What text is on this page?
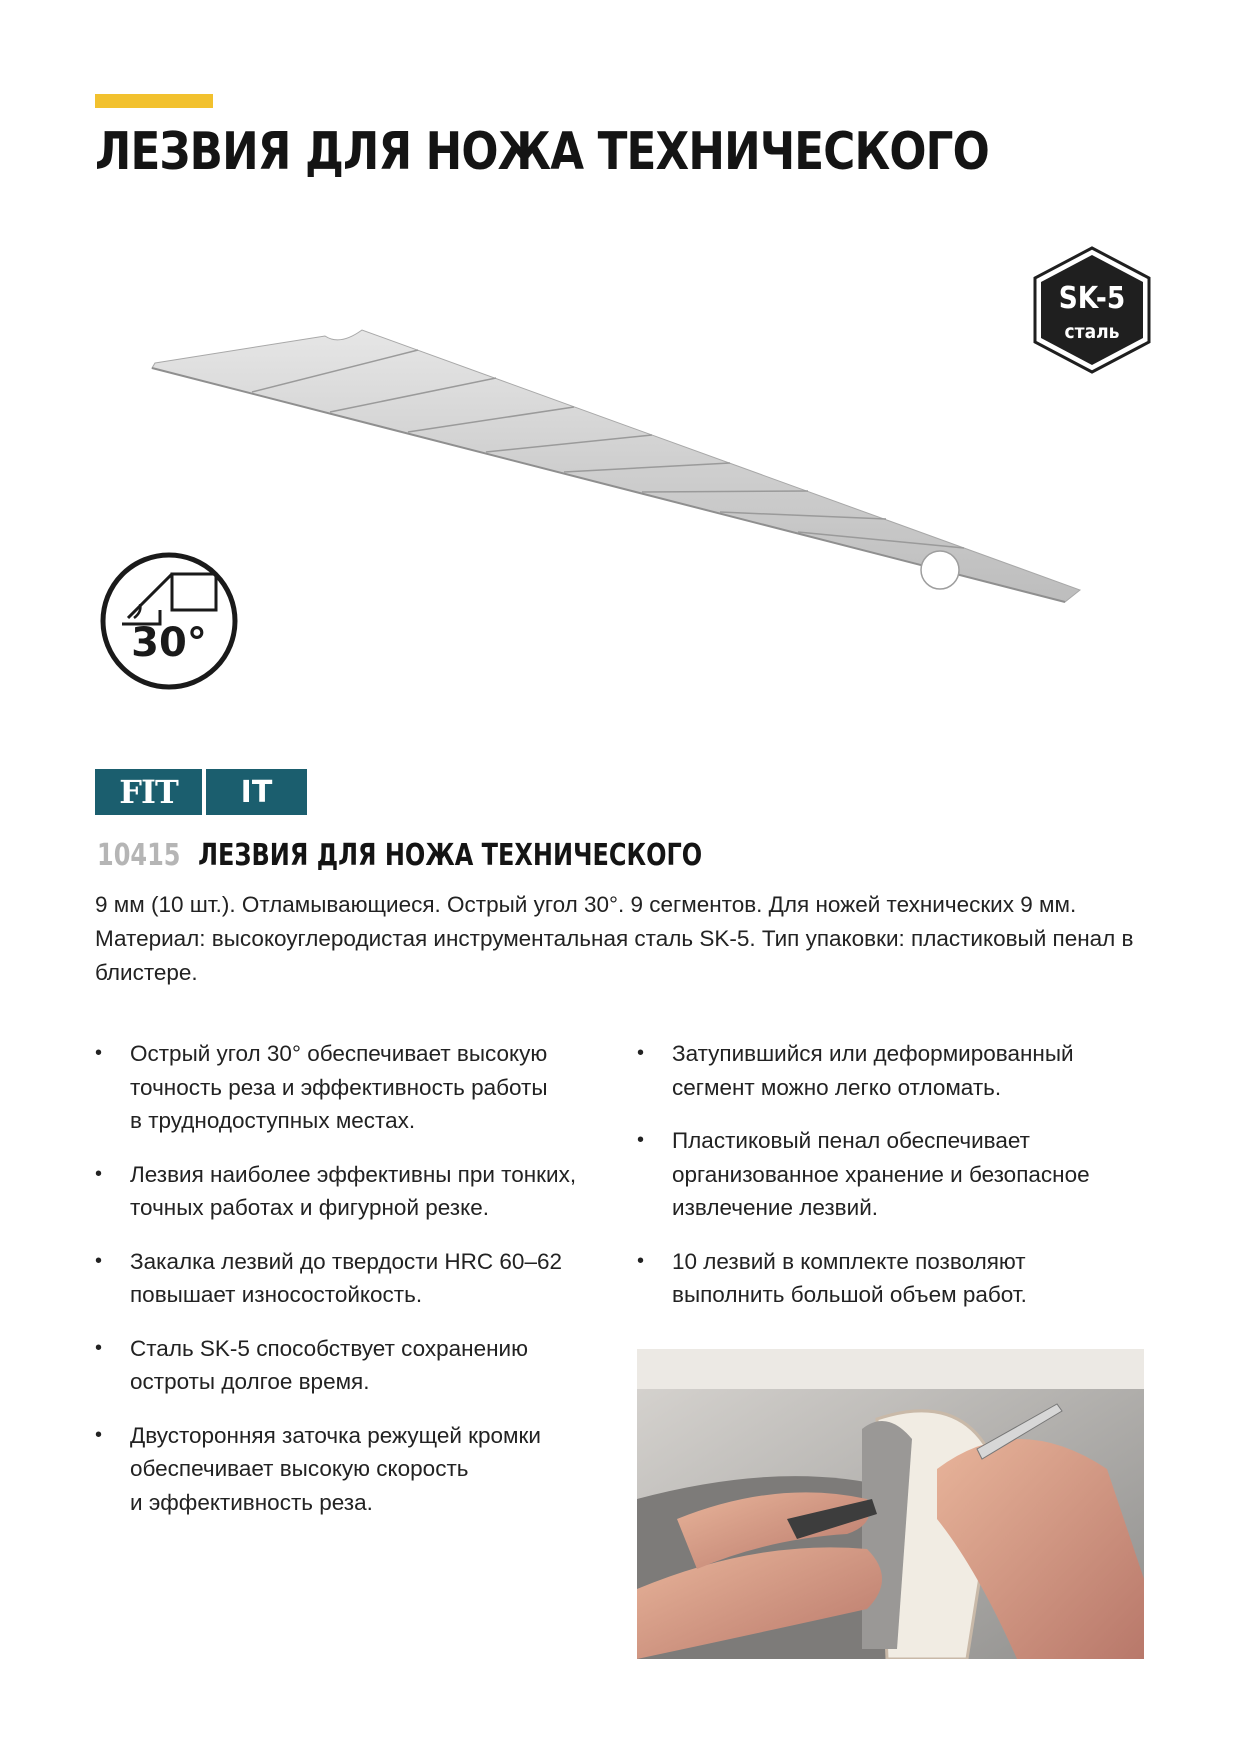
ЛЕЗВИЯ ДЛЯ НОЖА ТЕХНИЧЕСКОГО
SK-5
сталь
30°
FIT	IT
10415 ЛЕЗВИЯ ДЛЯ НОЖА ТЕХНИЧЕСКОГО

9 мм (10 шт.). Отламывающиеся. Острый угол 30°. 9 сегментов. Для ножей технических 9 мм. Материал: высокоуглеродистая инструментальная сталь SK-5. Тип упаковки: пластиковый пенал в блистере.

• Острый угол 30° обеспечивает высокую
точность реза и эффективность работы
в труднодоступных местах.
• Лезвия наиболее эффективны при тонких,
точных работах и фигурной резке.
• Закалка лезвий до твердости HRC 60–62
повышает износостойкость.
• Сталь SK-5 способствует сохранению
остроты долгое время.
• Двусторонняя заточка режущей кромки
обеспечивает высокую скорость
и эффективность реза.
• Затупившийся или деформированный
сегмент можно легко отломать.
• Пластиковый пенал обеспечивает
организованное хранение и безопасное
извлечение лезвий.
• 10 лезвий в комплекте позволяют
выполнить большой объем работ.
